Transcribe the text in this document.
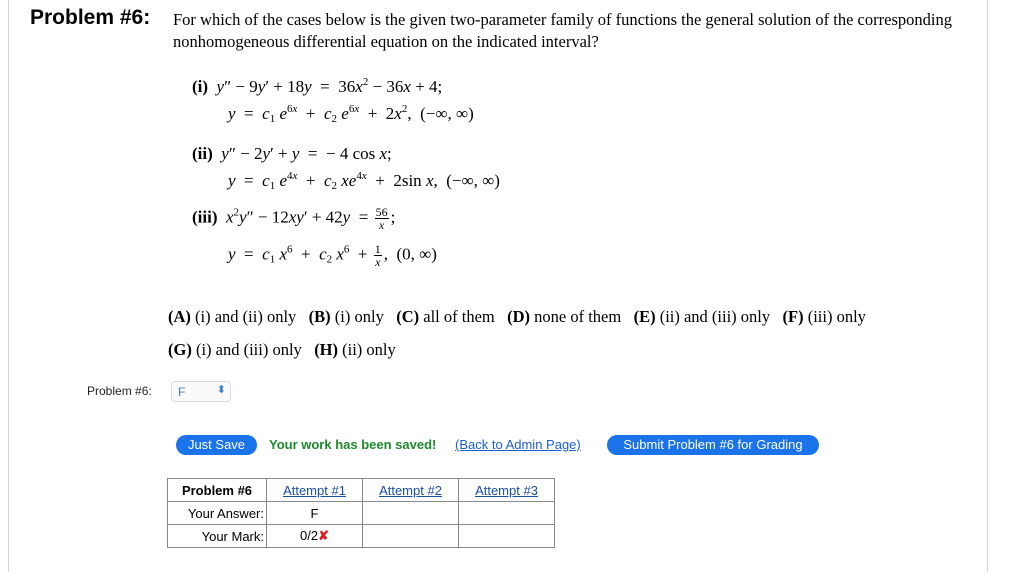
Problem #6: For which of the cases below is the given two-parameter family of functions the general solution of the corresponding nonhomogeneous differential equation on the indicated interval?
(i) $y'' - 9y' + 18y = 36x^2 - 36x + 4$;
$y = c_1$ $e^{6x} + c_2$ $e^{6x} + 2x^2$,  (−∞, ∞)
(ii) y″ − 2y′ + y  =  − 4 cos x;
$y = c_1$ $e^{4x} + c_2$ $xe^{4x} + 2\sin$ x,  (−∞, ∞)
(iii) $x^2y'' - 12xy' + 42y = \frac{56}{x}$ ;
$y = c_1$ $x^6 + c_2$ $x^6 + \frac{1}{x}$ ,  (0, ∞)
(A) (i) and (ii) only (B) (i) only (C) all of them (D) none of them (E) (ii) and (iii) only (F) (iii) only
(G) (i) and (iii) only (H) (ii) only
Problem #6: F	⬍
Just Save	Your work has been saved! (Back to Admin Page)	Submit Problem #6 for Grading
Problem #6	Attempt #1	Attempt #2	Attempt #3
Your Answer:	F		
Your Mark:	0/2✘		
